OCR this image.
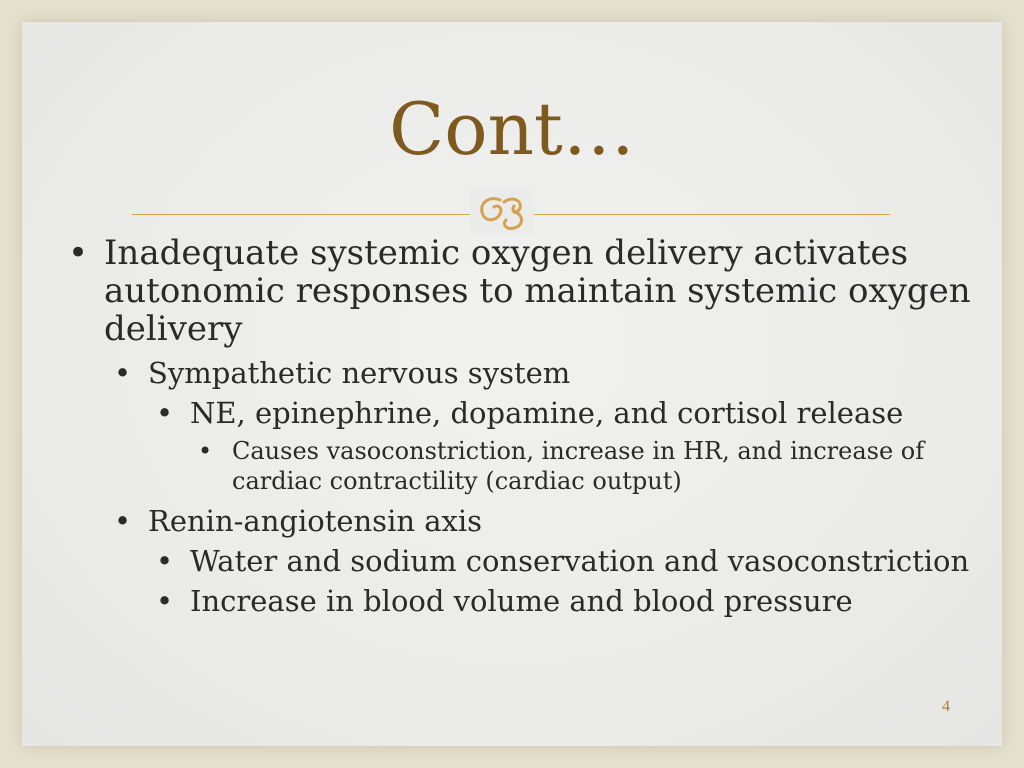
Cont…
• Inadequate systemic oxygen delivery activates autonomic responses to maintain systemic oxygen delivery
• Sympathetic nervous system
• NE, epinephrine, dopamine, and cortisol release
• Causes vasoconstriction, increase in HR, and increase of cardiac contractility (cardiac output)
• Renin-angiotensin axis
• Water and sodium conservation and vasoconstriction
• Increase in blood volume and blood pressure
4
